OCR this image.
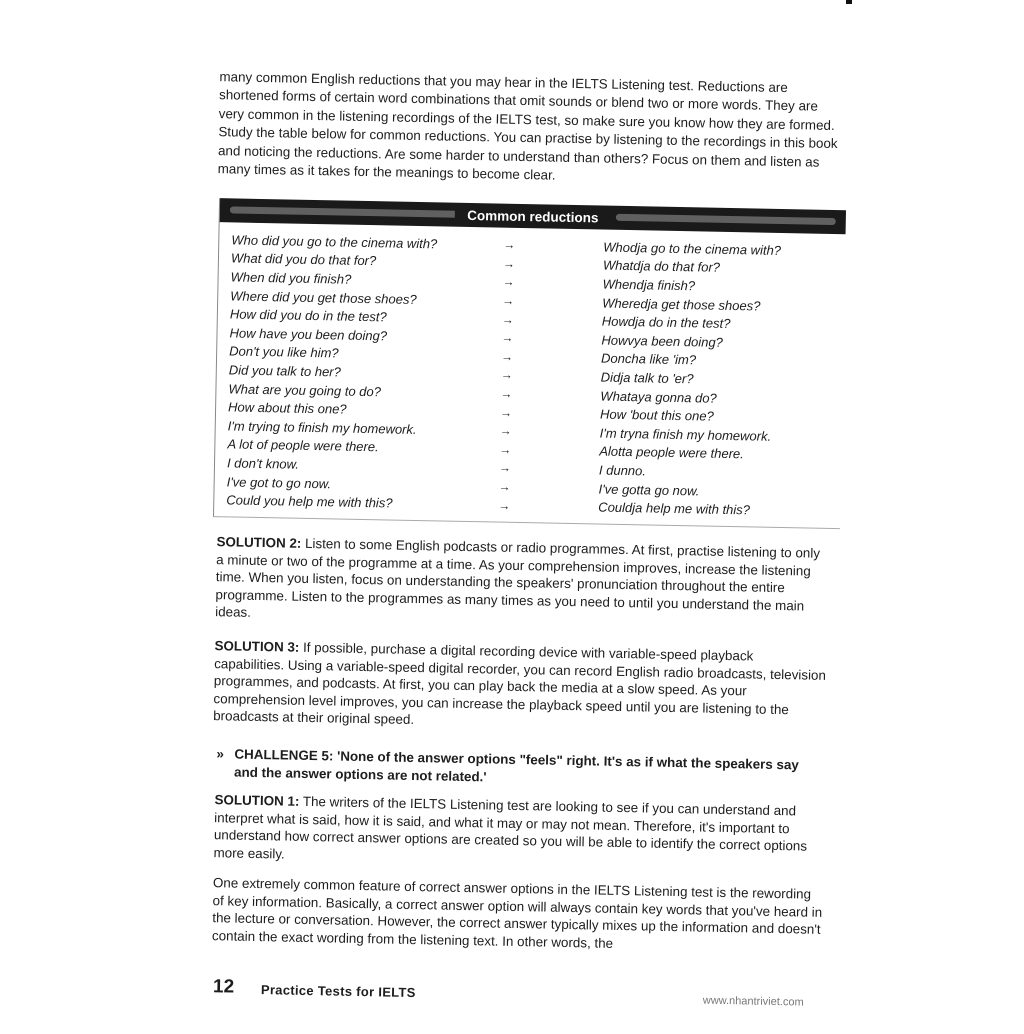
many common English reductions that you may hear in the IELTS Listening test. Reductions are shortened forms of certain word combinations that omit sounds or blend two or more words. They are very common in the listening recordings of the IELTS test, so make sure you know how they are formed. Study the table below for common reductions. You can practise by listening to the recordings in this book and noticing the reductions. Are some harder to understand than others? Focus on them and listen as many times as it takes for the meanings to become clear.

Common reductions
Who did you go to the cinema with?	→	Whodja go to the cinema with?
What did you do that for?	→	Whatdja do that for?
When did you finish?	→	Whendja finish?
Where did you get those shoes?	→	Wheredja get those shoes?
How did you do in the test?	→	Howdja do in the test?
How have you been doing?	→	Howvya been doing?
Don't you like him?	→	Doncha like 'im?
Did you talk to her?	→	Didja talk to 'er?
What are you going to do?	→	Whataya gonna do?
How about this one?	→	How 'bout this one?
I'm trying to finish my homework.	→	I'm tryna finish my homework.
A lot of people were there.	→	Alotta people were there.
I don't know.	→	I dunno.
I've got to go now.	→	I've gotta go now.
Could you help me with this?	→	Couldja help me with this?

SOLUTION 2: Listen to some English podcasts or radio programmes. At first, practise listening to only a minute or two of the programme at a time. As your comprehension improves, increase the listening time. When you listen, focus on understanding the speakers' pronunciation throughout the entire programme. Listen to the programmes as many times as you need to until you understand the main ideas.

SOLUTION 3: If possible, purchase a digital recording device with variable-speed playback capabilities. Using a variable-speed digital recorder, you can record English radio broadcasts, television programmes, and podcasts. At first, you can play back the media at a slow speed. As your comprehension level improves, you can increase the playback speed until you are listening to the broadcasts at their original speed.

» CHALLENGE 5: 'None of the answer options "feels" right. It's as if what the speakers say and the answer options are not related.'

SOLUTION 1: The writers of the IELTS Listening test are looking to see if you can understand and interpret what is said, how it is said, and what it may or may not mean. Therefore, it's important to understand how correct answer options are created so you will be able to identify the correct options more easily.

One extremely common feature of correct answer options in the IELTS Listening test is the rewording of key information. Basically, a correct answer option will always contain key words that you've heard in the lecture or conversation. However, the correct answer typically mixes up the information and doesn't contain the exact wording from the listening text. In other words, the

12 Practice Tests for IELTS
www.nhantriviet.com
